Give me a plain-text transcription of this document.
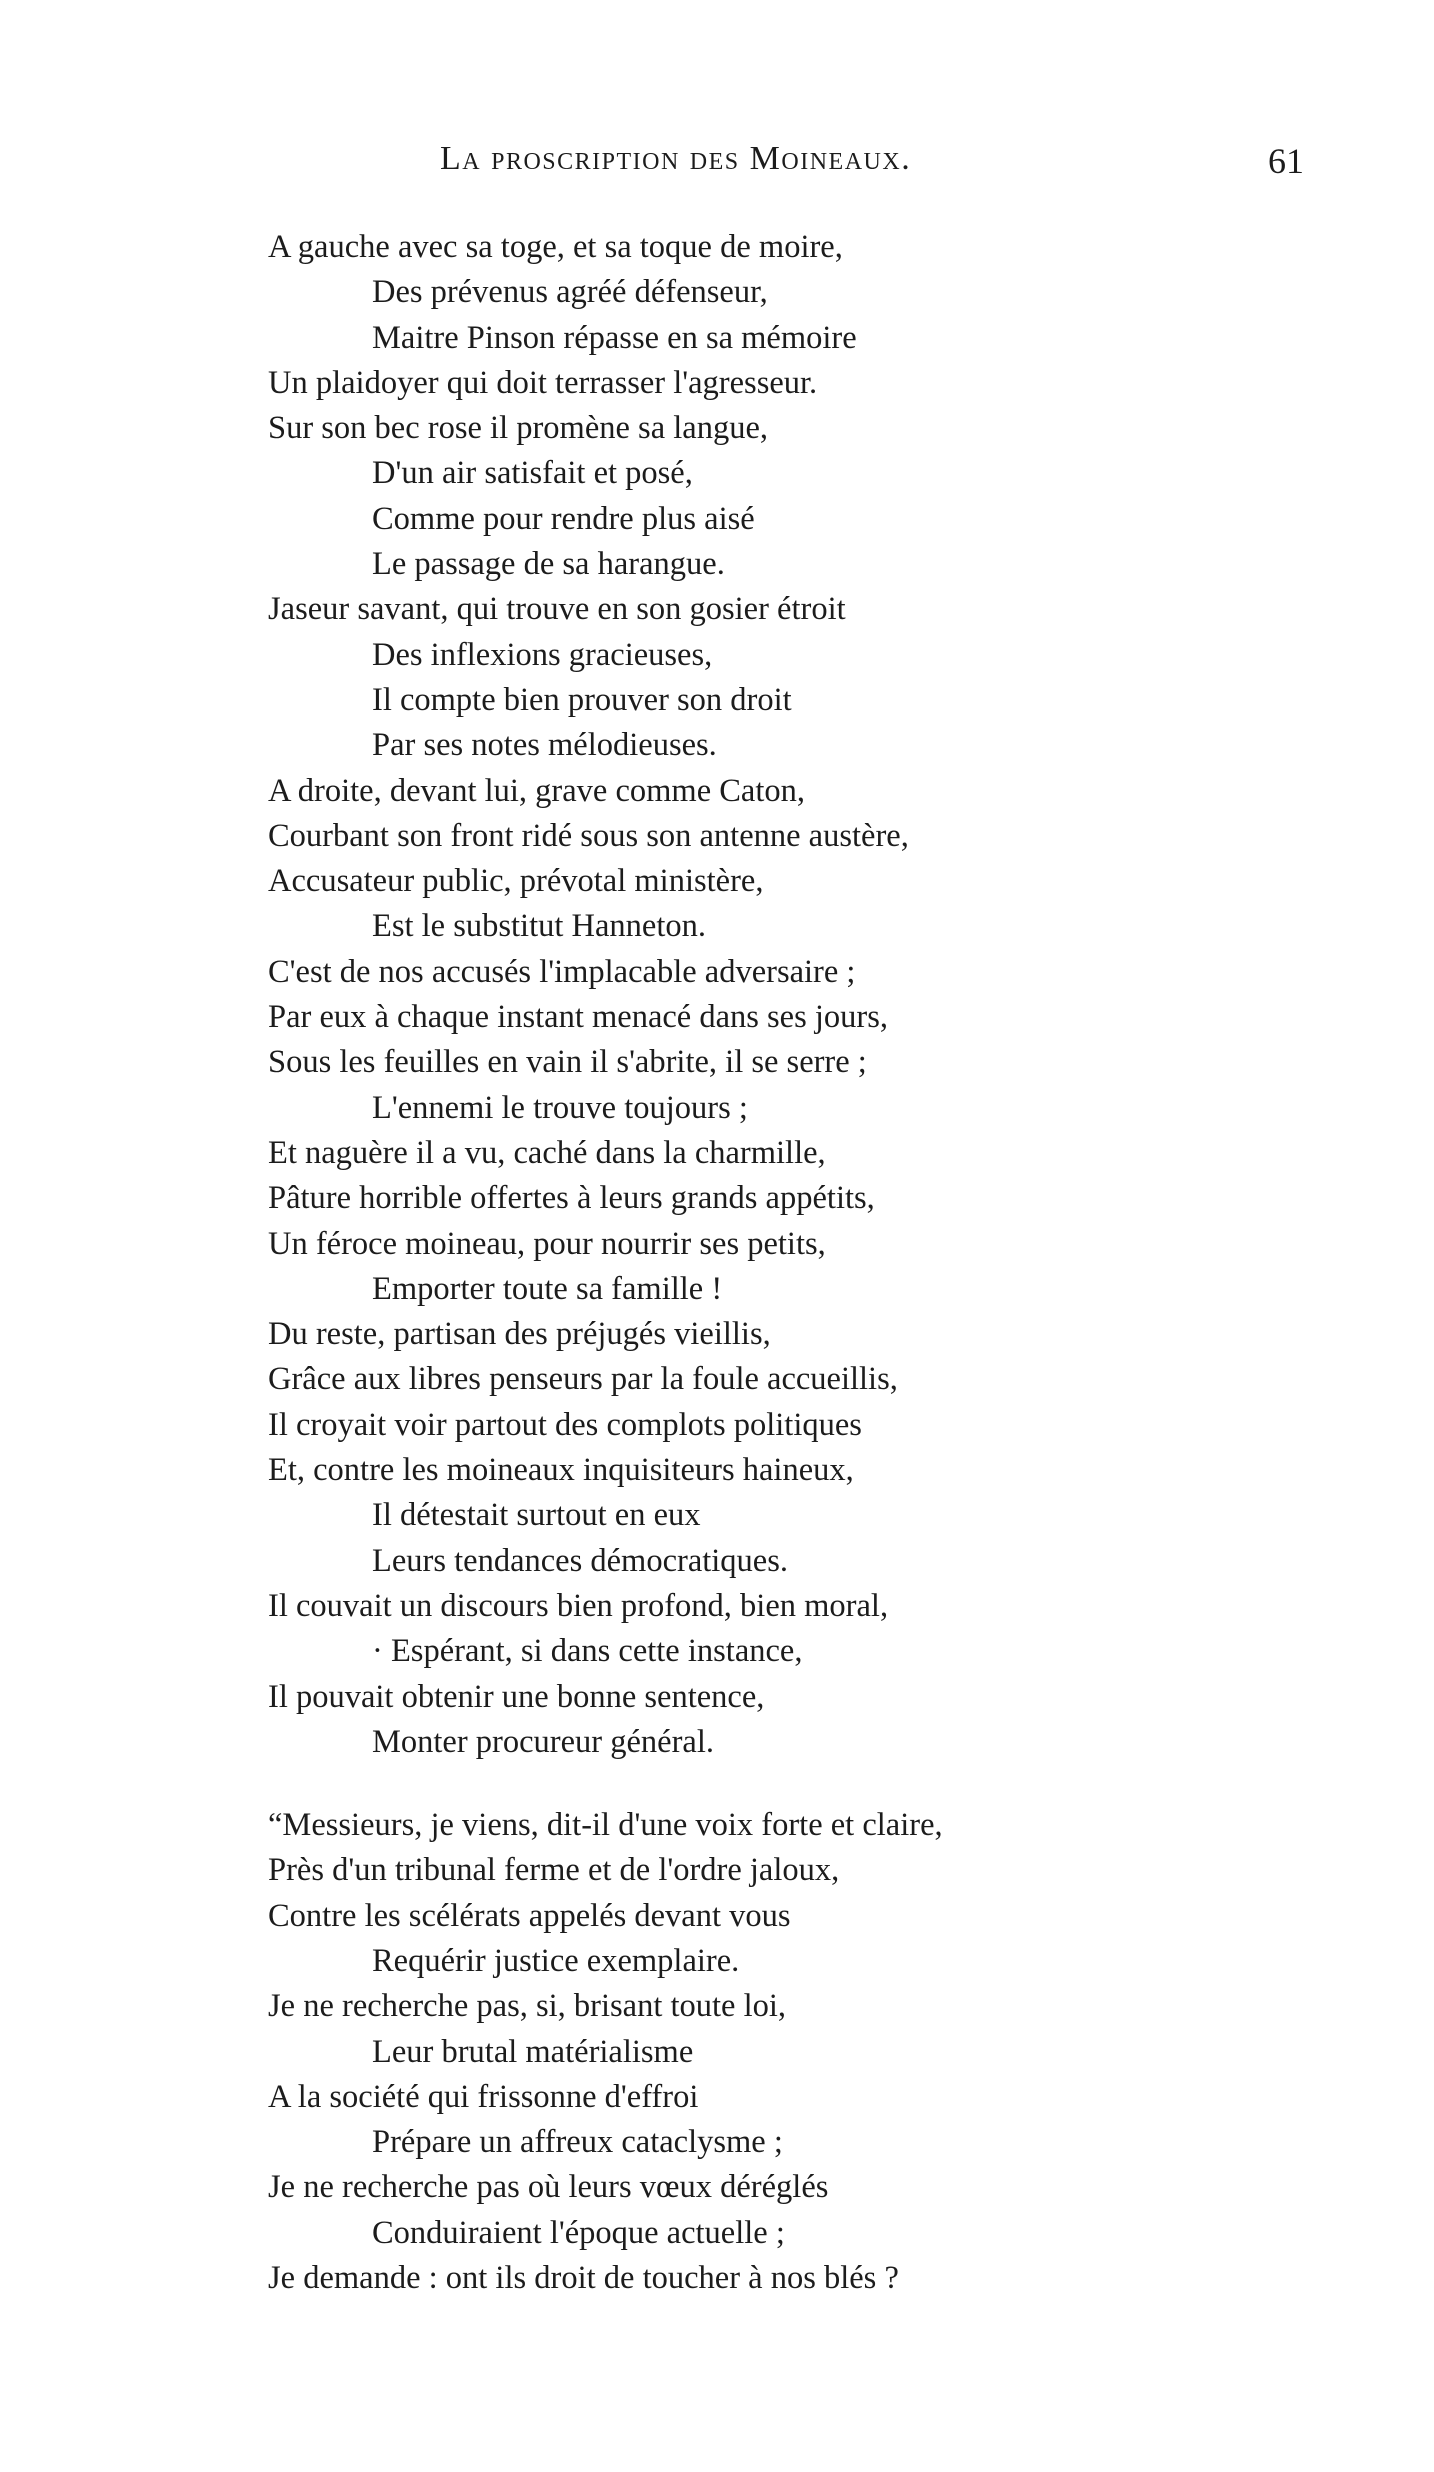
La proscription des Moineaux.	61
A gauche avec sa toge, et sa toque de moire,
Des prévenus agréé défenseur,
Maitre Pinson répasse en sa mémoire
Un plaidoyer qui doit terrasser l'agresseur.
Sur son bec rose il promène sa langue,
D'un air satisfait et posé,
Comme pour rendre plus aisé
Le passage de sa harangue.
Jaseur savant, qui trouve en son gosier étroit
Des inflexions gracieuses,
Il compte bien prouver son droit
Par ses notes mélodieuses.
A droite, devant lui, grave comme Caton,
Courbant son front ridé sous son antenne austère,
Accusateur public, prévotal ministère,
Est le substitut Hanneton.
C'est de nos accusés l'implacable adversaire ;
Par eux à chaque instant menacé dans ses jours,
Sous les feuilles en vain il s'abrite, il se serre ;
L'ennemi le trouve toujours ;
Et naguère il a vu, caché dans la charmille,
Pâture horrible offertes à leurs grands appétits,
Un féroce moineau, pour nourrir ses petits,
Emporter toute sa famille !
Du reste, partisan des préjugés vieillis,
Grâce aux libres penseurs par la foule accueillis,
Il croyait voir partout des complots politiques
Et, contre les moineaux inquisiteurs haineux,
Il détestait surtout en eux
Leurs tendances démocratiques.
Il couvait un discours bien profond, bien moral,
· Espérant, si dans cette instance,
Il pouvait obtenir une bonne sentence,
Monter procureur général.
“Messieurs, je viens, dit-il d'une voix forte et claire,
Près d'un tribunal ferme et de l'ordre jaloux,
Contre les scélérats appelés devant vous
Requérir justice exemplaire.
Je ne recherche pas, si, brisant toute loi,
Leur brutal matérialisme
A la société qui frissonne d'effroi
Prépare un affreux cataclysme ;
Je ne recherche pas où leurs vœux déréglés
Conduiraient l'époque actuelle ;
Je demande : ont ils droit de toucher à nos blés ?
